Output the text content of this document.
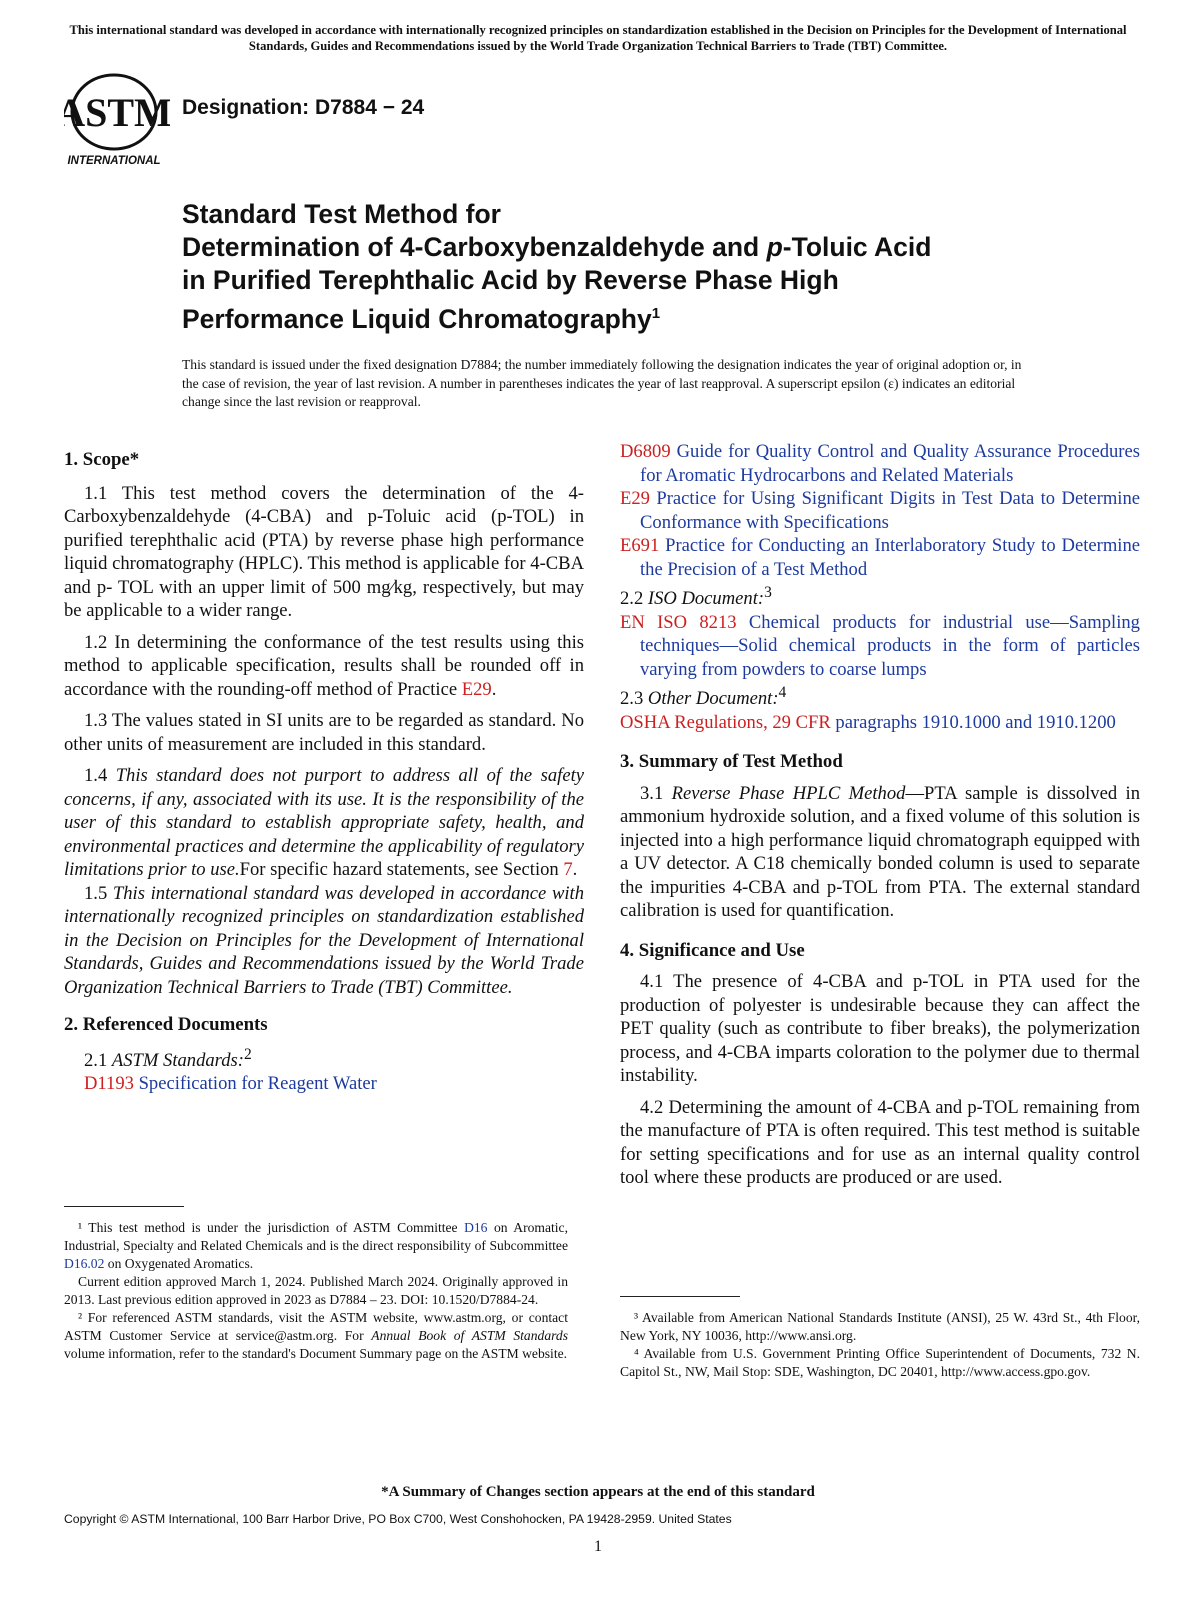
This international standard was developed in accordance with internationally recognized principles on standardization established in the Decision on Principles for the Development of International Standards, Guides and Recommendations issued by the World Trade Organization Technical Barriers to Trade (TBT) Committee.
ASTM
INTERNATIONAL
Designation: D7884 − 24
Standard Test Method for
Determination of 4-Carboxybenzaldehyde and p-Toluic Acid
in Purified Terephthalic Acid by Reverse Phase High
Performance Liquid Chromatography$^1$
This standard is issued under the fixed designation D7884; the number immediately following the designation indicates the year of original adoption or, in the case of revision, the year of last revision. A number in parentheses indicates the year of last reapproval. A superscript epsilon (ε) indicates an editorial change since the last revision or reapproval.
1. Scope*

1.1 This test method covers the determination of the 4-Carboxybenzaldehyde (4-CBA) and p-Toluic acid (p-TOL) in purified terephthalic acid (PTA) by reverse phase high performance liquid chromatography (HPLC). This method is applicable for 4-CBA and p- TOL with an upper limit of 500 mg⁄kg, respectively, but may be applicable to a wider range.

1.2 In determining the conformance of the test results using this method to applicable specification, results shall be rounded off in accordance with the rounding-off method of Practice E29.

1.3 The values stated in SI units are to be regarded as standard. No other units of measurement are included in this standard.

1.4 This standard does not purport to address all of the safety concerns, if any, associated with its use. It is the responsibility of the user of this standard to establish appropriate safety, health, and environmental practices and determine the applicability of regulatory limitations prior to use.For specific hazard statements, see Section 7.

1.5 This international standard was developed in accordance with internationally recognized principles on standardization established in the Decision on Principles for the Development of International Standards, Guides and Recommendations issued by the World Trade Organization Technical Barriers to Trade (TBT) Committee.

2. Referenced Documents

2.1 ASTM Standards:$^2$

D1193 Specification for Reagent Water

¹ This test method is under the jurisdiction of ASTM Committee D16 on Aromatic, Industrial, Specialty and Related Chemicals and is the direct responsibility of Subcommittee D16.02 on Oxygenated Aromatics.

Current edition approved March 1, 2024. Published March 2024. Originally approved in 2013. Last previous edition approved in 2023 as D7884 – 23. DOI: 10.1520/D7884-24.

² For referenced ASTM standards, visit the ASTM website, www.astm.org, or contact ASTM Customer Service at service@astm.org. For Annual Book of ASTM Standards volume information, refer to the standard's Document Summary page on the ASTM website.

D6809 Guide for Quality Control and Quality Assurance Procedures for Aromatic Hydrocarbons and Related Materials

E29 Practice for Using Significant Digits in Test Data to Determine Conformance with Specifications

E691 Practice for Conducting an Interlaboratory Study to Determine the Precision of a Test Method

2.2 ISO Document:$^3$

EN ISO 8213 Chemical products for industrial use—Sampling techniques—Solid chemical products in the form of particles varying from powders to coarse lumps

2.3 Other Document:$^4$

OSHA Regulations, 29 CFR paragraphs 1910.1000 and 1910.1200

3. Summary of Test Method

3.1 Reverse Phase HPLC Method—PTA sample is dissolved in ammonium hydroxide solution, and a fixed volume of this solution is injected into a high performance liquid chromatograph equipped with a UV detector. A C18 chemically bonded column is used to separate the impurities 4-CBA and p-TOL from PTA. The external standard calibration is used for quantification.

4. Significance and Use

4.1 The presence of 4-CBA and p-TOL in PTA used for the production of polyester is undesirable because they can affect the PET quality (such as contribute to fiber breaks), the polymerization process, and 4-CBA imparts coloration to the polymer due to thermal instability.

4.2 Determining the amount of 4-CBA and p-TOL remaining from the manufacture of PTA is often required. This test method is suitable for setting specifications and for use as an internal quality control tool where these products are produced or are used.

³ Available from American National Standards Institute (ANSI), 25 W. 43rd St., 4th Floor, New York, NY 10036, http://www.ansi.org.

⁴ Available from U.S. Government Printing Office Superintendent of Documents, 732 N. Capitol St., NW, Mail Stop: SDE, Washington, DC 20401, http://www.access.gpo.gov.

*A Summary of Changes section appears at the end of this standard
Copyright © ASTM International, 100 Barr Harbor Drive, PO Box C700, West Conshohocken, PA 19428-2959. United States
1
